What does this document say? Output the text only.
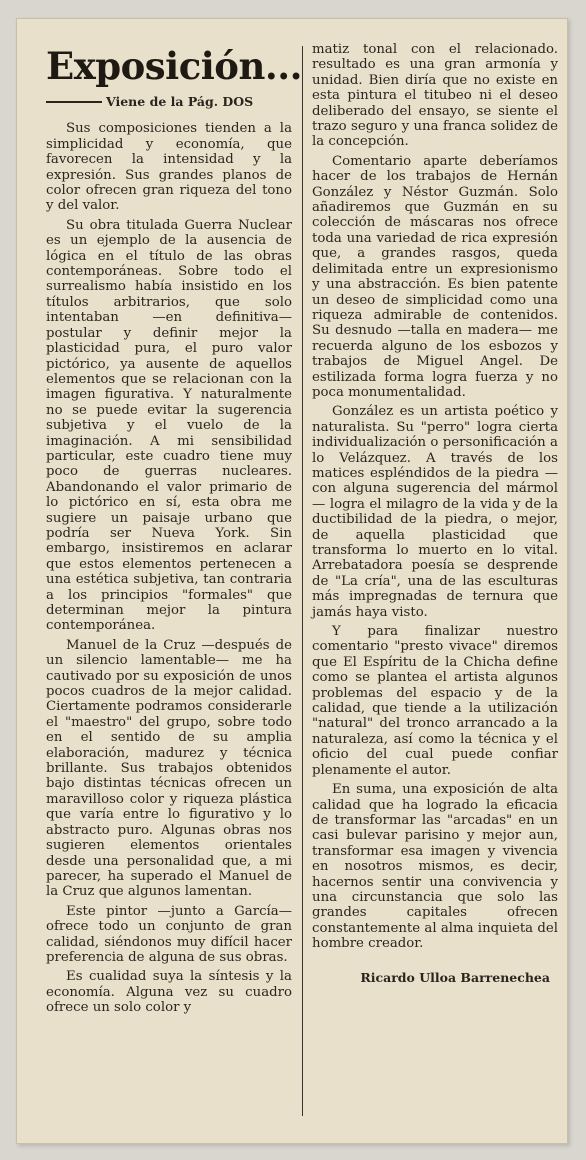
Exposición...
Viene de la Pág. DOS

Sus composiciones tienden a la simplicidad y economía, que favorecen la intensidad y la expresión. Sus grandes planos de color ofrecen gran riqueza del tono y del valor.

Su obra titulada Guerra Nuclear es un ejemplo de la ausencia de lógica en el título de las obras contemporáneas. Sobre todo el surrealismo había insistido en los títulos arbitrarios, que solo intentaban —en definitiva— postular y definir mejor la plasticidad pura, el puro valor pictórico, ya ausente de aquellos elementos que se relacionan con la imagen figurativa. Y naturalmente no se puede evitar la sugerencia subjetiva y el vuelo de la imaginación. A mi sensibilidad particular, este cuadro tiene muy poco de guerras nucleares. Abandonando el valor primario de lo pictórico en sí, esta obra me sugiere un paisaje urbano que podría ser Nueva York. Sin embargo, insistiremos en aclarar que estos elementos pertenecen a una estética subjetiva, tan contraria a los principios "formales" que determinan mejor la pintura contemporánea.

Manuel de la Cruz —después de un silencio lamentable— me ha cautivado por su exposición de unos pocos cuadros de la mejor calidad. Ciertamente podramos considerarle el "maestro" del grupo, sobre todo en el sentido de su amplia elaboración, madurez y técnica brillante. Sus trabajos obtenidos bajo distintas técnicas ofrecen un maravilloso color y riqueza plástica que varía entre lo figurativo y lo abstracto puro. Algunas obras nos sugieren elementos orientales desde una personalidad que, a mi parecer, ha superado el Manuel de la Cruz que algunos lamentan.

Este pintor —junto a García— ofrece todo un conjunto de gran calidad, siéndonos muy difícil hacer preferencia de alguna de sus obras.

Es cualidad suya la síntesis y la economía. Alguna vez su cuadro ofrece un solo color y

matiz tonal con el relacionado. resultado es una gran armonía y unidad. Bien diría que no existe en esta pintura el titubeo ni el deseo deliberado del ensayo, se siente el trazo seguro y una franca solidez de la concepción.

Comentario aparte deberíamos hacer de los trabajos de Hernán González y Néstor Guzmán. Solo añadiremos que Guzmán en su colección de máscaras nos ofrece toda una variedad de rica expresión que, a grandes rasgos, queda delimitada entre un expresionismo y una abstracción. Es bien patente un deseo de simplicidad como una riqueza admirable de contenidos. Su desnudo —talla en madera— me recuerda alguno de los esbozos y trabajos de Miguel Angel. De estilizada forma logra fuerza y no poca monumentalidad.

González es un artista poético y naturalista. Su "perro" logra cierta individualización o personificación a lo Velázquez. A través de los matices espléndidos de la piedra —con alguna sugerencia del mármol— logra el milagro de la vida y de la ductibilidad de la piedra, o mejor, de aquella plasticidad que transforma lo muerto en lo vital. Arrebatadora poesía se desprende de "La cría", una de las esculturas más impregnadas de ternura que jamás haya visto.

Y para finalizar nuestro comentario "presto vivace" diremos que El Espíritu de la Chicha define como se plantea el artista algunos problemas del espacio y de la calidad, que tiende a la utilización "natural" del tronco arrancado a la naturaleza, así como la técnica y el oficio del cual puede confiar plenamente el autor.

En suma, una exposición de alta calidad que ha logrado la eficacia de transformar las "arcadas" en un casi bulevar parisino y mejor aun, transformar esa imagen y vivencia en nosotros mismos, es decir, hacernos sentir una convivencia y una circunstancia que solo las grandes capitales ofrecen constantemente al alma inquieta del hombre creador.

Ricardo Ulloa Barrenechea
